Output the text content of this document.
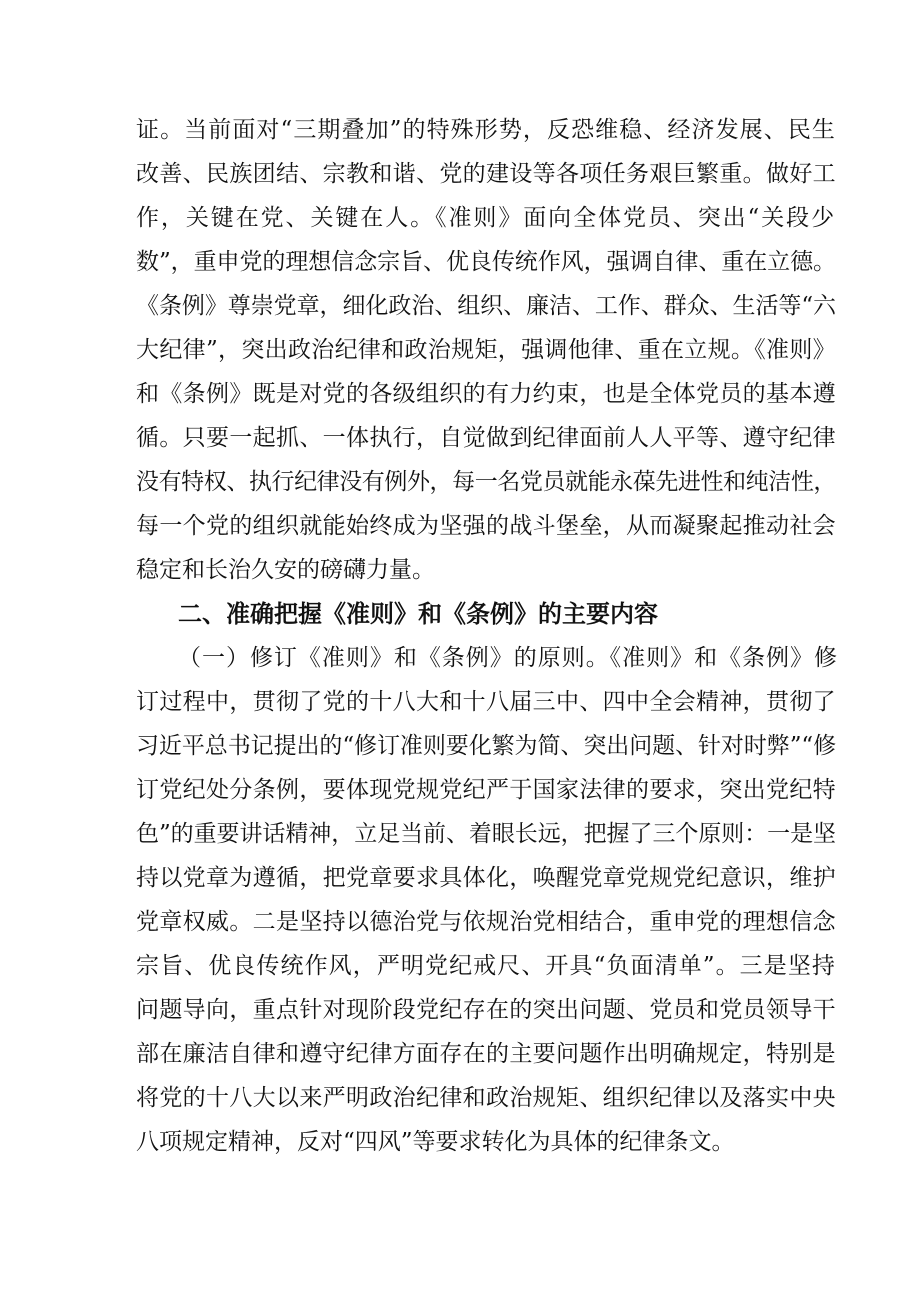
证。当前面对“三期叠加”的特殊形势，反恐维稳、经济发展、民生
改善、民族团结、宗教和谐、党的建设等各项任务艰巨繁重。做好工
作，关键在党、关键在人。《准则》面向全体党员、突出“关段少
数”，重申党的理想信念宗旨、优良传统作风，强调自律、重在立德。
《条例》尊崇党章，细化政治、组织、廉洁、工作、群众、生活等“六
大纪律”，突出政治纪律和政治规矩，强调他律、重在立规。《准则》
和《条例》既是对党的各级组织的有力约束，也是全体党员的基本遵
循。只要一起抓、一体执行，自觉做到纪律面前人人平等、遵守纪律
没有特权、执行纪律没有例外，每一名党员就能永葆先进性和纯洁性，
每一个党的组织就能始终成为坚强的战斗堡垒，从而凝聚起推动社会
稳定和长治久安的磅礴力量。
二、准确把握《准则》和《条例》的主要内容
（一）修订《准则》和《条例》的原则。《准则》和《条例》修
订过程中，贯彻了党的十八大和十八届三中、四中全会精神，贯彻了
习近平总书记提出的“修订准则要化繁为简、突出问题、针对时弊”“修
订党纪处分条例，要体现党规党纪严于国家法律的要求，突出党纪特
色”的重要讲话精神，立足当前、着眼长远，把握了三个原则：一是坚
持以党章为遵循，把党章要求具体化，唤醒党章党规党纪意识，维护
党章权威。二是坚持以德治党与依规治党相结合，重申党的理想信念
宗旨、优良传统作风，严明党纪戒尺、开具“负面清单”。三是坚持
问题导向，重点针对现阶段党纪存在的突出问题、党员和党员领导干
部在廉洁自律和遵守纪律方面存在的主要问题作出明确规定，特别是
将党的十八大以来严明政治纪律和政治规矩、组织纪律以及落实中央
八项规定精神，反对“四风”等要求转化为具体的纪律条文。
